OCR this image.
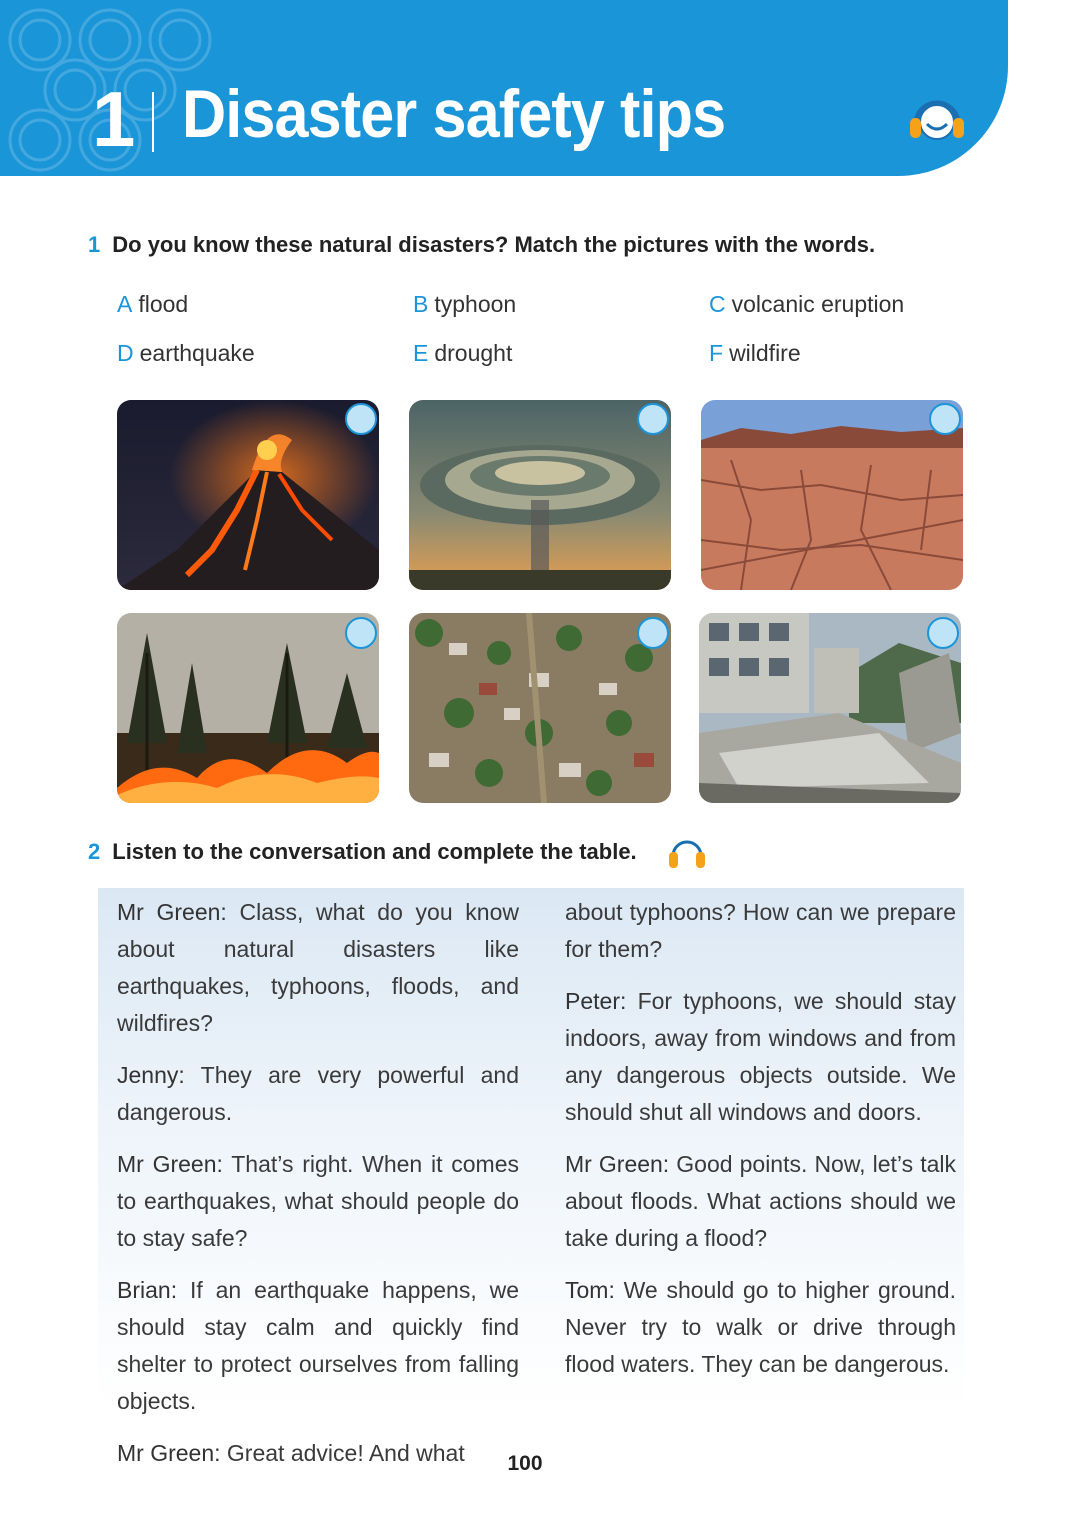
1 Disaster safety tips
1 Do you know these natural disasters? Match the pictures with the words.
A flood	B typhoon	C volcanic eruption
D earthquake	E drought	F wildfire
2 Listen to the conversation and complete the table.

Mr Green: Class, what do you know about natural disasters like earthquakes, typhoons, floods, and wildfires?

Jenny: They are very powerful and dangerous.

Mr Green: That’s right. When it comes to earthquakes, what should people do to stay safe?

Brian: If an earthquake happens, we should stay calm and quickly find shelter to protect ourselves from falling objects.

Mr Green: Great advice! And what

about typhoons? How can we prepare for them?

Peter: For typhoons, we should stay indoors, away from windows and from any dangerous objects outside. We should shut all windows and doors.

Mr Green: Good points. Now, let’s talk about floods. What actions should we take during a flood?

Tom: We should go to higher ground. Never try to walk or drive through flood waters. They can be dangerous.

100
